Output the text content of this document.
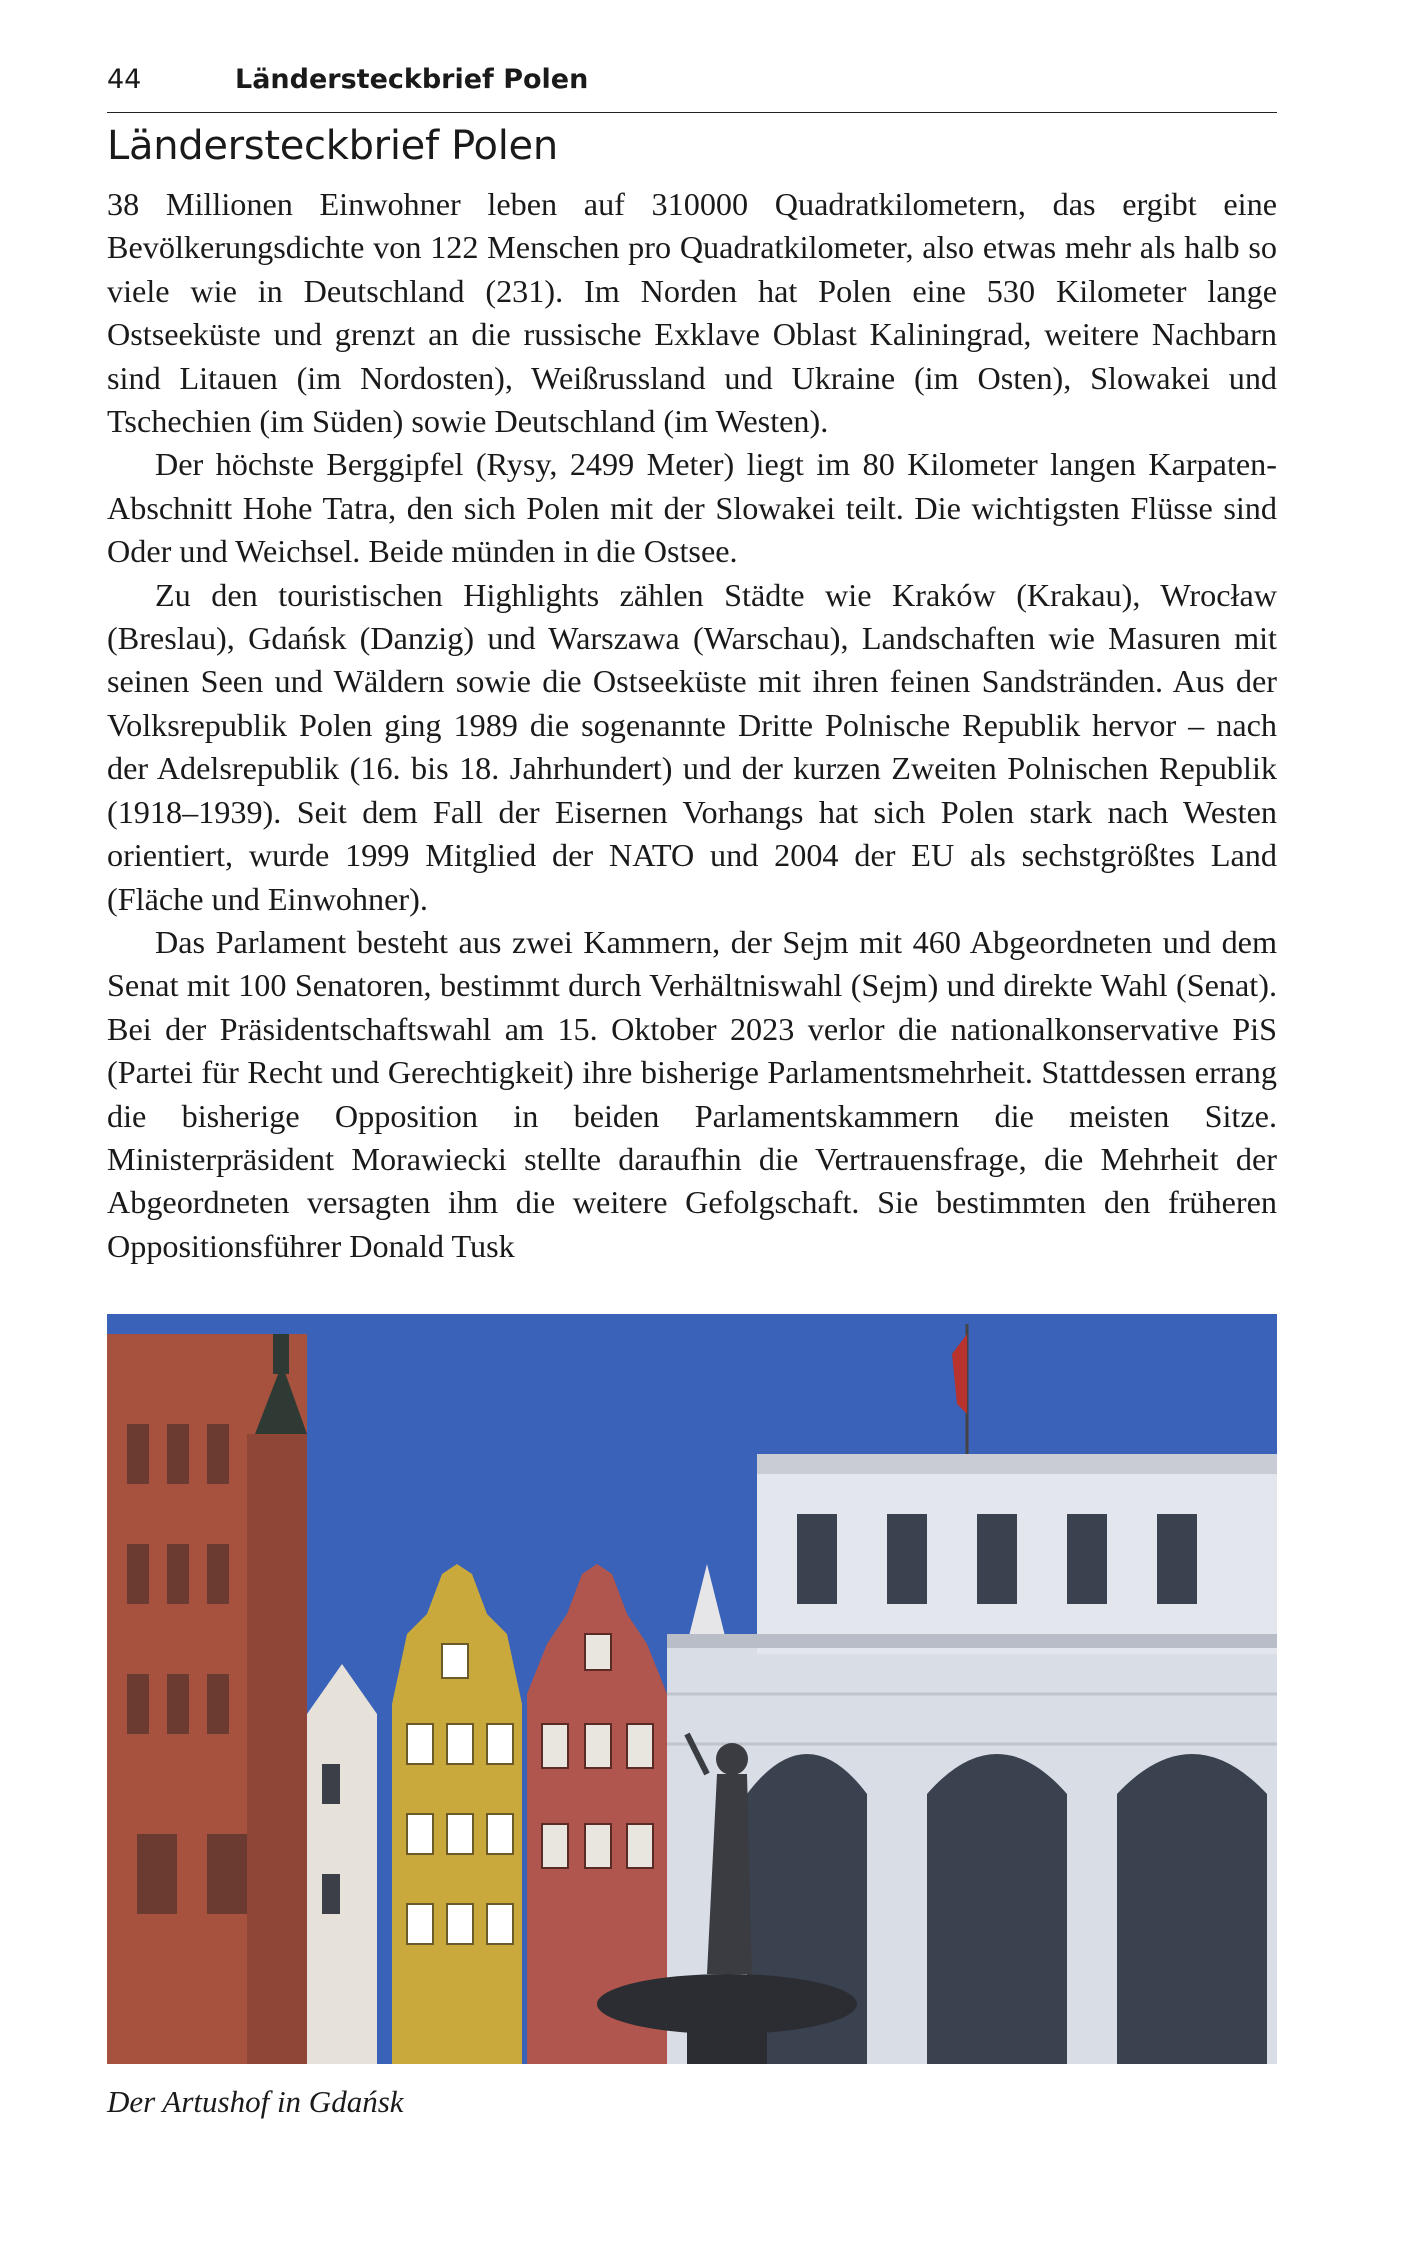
44	Ländersteckbrief Polen
Ländersteckbrief Polen

38 Millionen Einwohner leben auf 310000 Quadratkilometern, das ergibt eine Bevölkerungsdichte von 122 Menschen pro Quadratkilometer, also etwas mehr als halb so viele wie in Deutschland (231). Im Norden hat Polen eine 530 Kilometer lange Ostseeküste und grenzt an die russische Exklave Oblast Kaliningrad, weitere Nachbarn sind Litauen (im Nordosten), Weißrussland und Ukraine (im Osten), Slowakei und Tschechien (im Süden) sowie Deutschland (im Westen).

Der höchste Berggipfel (Rysy, 2499 Meter) liegt im 80 Kilometer langen Karpaten-Abschnitt Hohe Tatra, den sich Polen mit der Slowakei teilt. Die wichtigsten Flüsse sind Oder und Weichsel. Beide münden in die Ostsee.

Zu den touristischen Highlights zählen Städte wie Kraków (Krakau), Wrocław (Breslau), Gdańsk (Danzig) und Warszawa (Warschau), Landschaften wie Masuren mit seinen Seen und Wäldern sowie die Ostseeküste mit ihren feinen Sandstränden. Aus der Volksrepublik Polen ging 1989 die sogenannte Dritte Polnische Republik hervor – nach der Adelsrepublik (16. bis 18. Jahrhundert) und der kurzen Zweiten Polnischen Republik (1918–1939). Seit dem Fall der Eisernen Vorhangs hat sich Polen stark nach Westen orientiert, wurde 1999 Mitglied der NATO und 2004 der EU als sechstgrößtes Land (Fläche und Einwohner).

Das Parlament besteht aus zwei Kammern, der Sejm mit 460 Abgeordneten und dem Senat mit 100 Senatoren, bestimmt durch Verhältniswahl (Sejm) und direkte Wahl (Senat). Bei der Präsidentschaftswahl am 15. Oktober 2023 verlor die nationalkonservative PiS (Partei für Recht und Gerechtigkeit) ihre bisherige Parlamentsmehrheit. Stattdessen errang die bisherige Opposition in beiden Parlamentskammern die meisten Sitze. Ministerpräsident Morawiecki stellte daraufhin die Vertrauensfrage, die Mehrheit der Abgeordneten versagten ihm die weitere Gefolgschaft. Sie bestimmten den früheren Oppositionsführer Donald Tusk

Der Artushof in Gdańsk
